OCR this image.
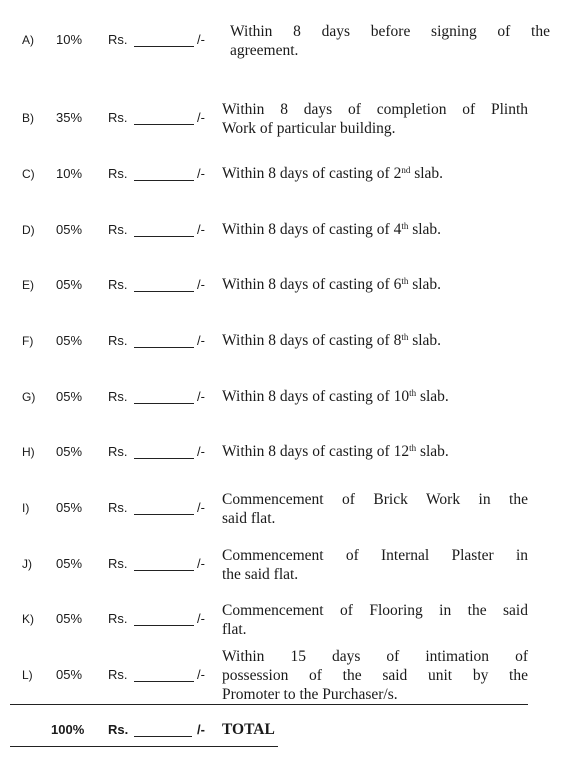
A) 10% Rs.	/- Within 8 days before signing of the
agreement.
B) 35% Rs.	/- Within 8 days of completion of Plinth
Work of particular building.
C) 10% Rs.	/- Within 8 days of casting of 2nd slab.
D) 05% Rs.	/- Within 8 days of casting of 4th slab.
E) 05% Rs.	/- Within 8 days of casting of 6th slab.
F) 05% Rs.	/- Within 8 days of casting of 8th slab.
G) 05% Rs.	/- Within 8 days of casting of 10th slab.
H) 05% Rs.	/- Within 8 days of casting of 12th slab.
I) 05% Rs.	/- Commencement of Brick Work in the
said flat.
J) 05% Rs.	/- Commencement of Internal Plaster in
the said flat.
K) 05% Rs.	/- Commencement of Flooring in the said
flat.
L) 05% Rs.	/-
Within 15 days of intimation of
possession of the said unit by the
Promoter to the Purchaser/s.
100% Rs.	/- TOTAL
